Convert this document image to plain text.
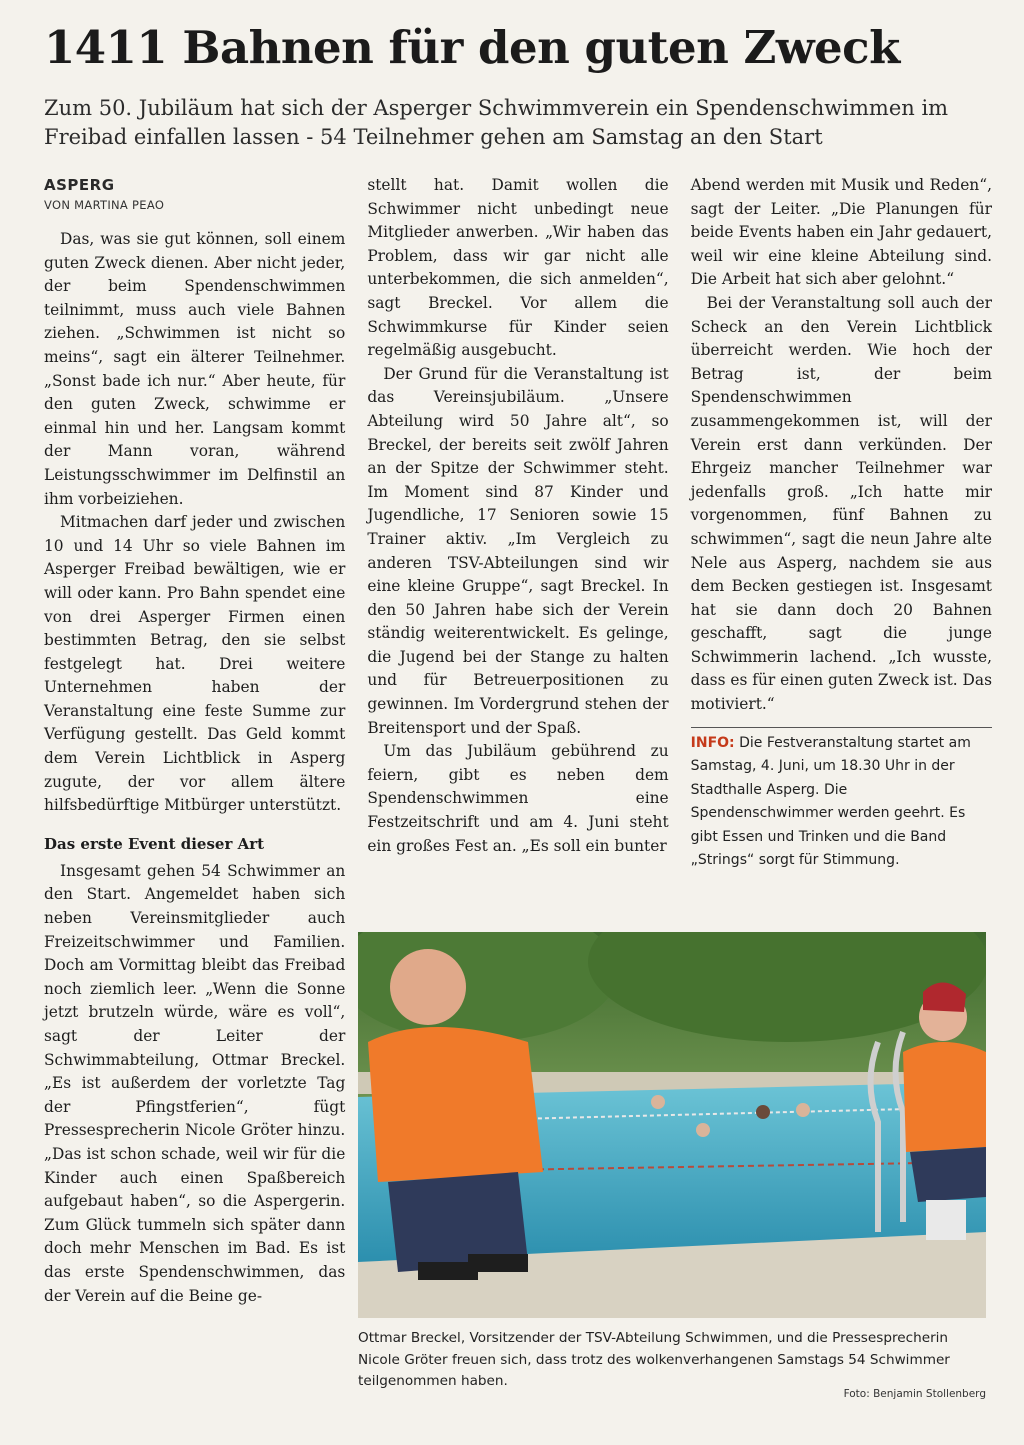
1411 Bahnen für den guten Zweck
Zum 50. Jubiläum hat sich der Asperger Schwimmverein ein Spendenschwimmen im Freibad einfallen lassen - 54 Teilnehmer gehen am Samstag an den Start
ASPERG
VON MARTINA PEAO

Das, was sie gut können, soll einem guten Zweck dienen. Aber nicht jeder, der beim Spendenschwimmen teilnimmt, muss auch viele Bahnen ziehen. „Schwimmen ist nicht so meins“, sagt ein älterer Teilnehmer. „Sonst bade ich nur.“ Aber heute, für den guten Zweck, schwimme er einmal hin und her. Langsam kommt der Mann voran, während Leistungsschwimmer im Delfinstil an ihm vorbeiziehen.

Mitmachen darf jeder und zwischen 10 und 14 Uhr so viele Bahnen im Asperger Freibad bewältigen, wie er will oder kann. Pro Bahn spendet eine von drei Asperger Firmen einen bestimmten Betrag, den sie selbst festgelegt hat. Drei weitere Unternehmen haben der Veranstaltung eine feste Summe zur Verfügung gestellt. Das Geld kommt dem Verein Lichtblick in Asperg zugute, der vor allem ältere hilfsbedürftige Mitbürger unterstützt.

Das erste Event dieser Art

Insgesamt gehen 54 Schwimmer an den Start. Angemeldet haben sich neben Vereinsmitglieder auch Freizeitschwimmer und Familien. Doch am Vormittag bleibt das Freibad noch ziemlich leer. „Wenn die Sonne jetzt brutzeln würde, wäre es voll“, sagt der Leiter der Schwimmabteilung, Ottmar Breckel. „Es ist außerdem der vorletzte Tag der Pfingstferien“, fügt Pressesprecherin Nicole Gröter hinzu. „Das ist schon schade, weil wir für die Kinder auch einen Spaßbereich aufgebaut haben“, so die Aspergerin. Zum Glück tummeln sich später dann doch mehr Menschen im Bad. Es ist das erste Spendenschwimmen, das der Verein auf die Beine ge-

stellt hat. Damit wollen die Schwimmer nicht unbedingt neue Mitglieder anwerben. „Wir haben das Problem, dass wir gar nicht alle unterbekommen, die sich anmelden“, sagt Breckel. Vor allem die Schwimmkurse für Kinder seien regelmäßig ausgebucht.

Der Grund für die Veranstaltung ist das Vereinsjubiläum. „Unsere Abteilung wird 50 Jahre alt“, so Breckel, der bereits seit zwölf Jahren an der Spitze der Schwimmer steht. Im Moment sind 87 Kinder und Jugendliche, 17 Senioren sowie 15 Trainer aktiv. „Im Vergleich zu anderen TSV-Abteilungen sind wir eine kleine Gruppe“, sagt Breckel. In den 50 Jahren habe sich der Verein ständig weiterentwickelt. Es gelinge, die Jugend bei der Stange zu halten und für Betreuerpositionen zu gewinnen. Im Vordergrund stehen der Breitensport und der Spaß.

Um das Jubiläum gebührend zu feiern, gibt es neben dem Spendenschwimmen eine Festzeitschrift und am 4. Juni steht ein großes Fest an. „Es soll ein bunter

Abend werden mit Musik und Reden“, sagt der Leiter. „Die Planungen für beide Events haben ein Jahr gedauert, weil wir eine kleine Abteilung sind. Die Arbeit hat sich aber gelohnt.“

Bei der Veranstaltung soll auch der Scheck an den Verein Lichtblick überreicht werden. Wie hoch der Betrag ist, der beim Spendenschwimmen zusammengekommen ist, will der Verein erst dann verkünden. Der Ehrgeiz mancher Teilnehmer war jedenfalls groß. „Ich hatte mir vorgenommen, fünf Bahnen zu schwimmen“, sagt die neun Jahre alte Nele aus Asperg, nachdem sie aus dem Becken gestiegen ist. Insgesamt hat sie dann doch 20 Bahnen geschafft, sagt die junge Schwimmerin lachend. „Ich wusste, dass es für einen guten Zweck ist. Das motiviert.“

INFO: Die Festveranstaltung startet am Samstag, 4. Juni, um 18.30 Uhr in der Stadthalle Asperg. Die Spendenschwimmer werden geehrt. Es gibt Essen und Trinken und die Band „Strings“ sorgt für Stimmung.
Ottmar Breckel, Vorsitzender der TSV-Abteilung Schwimmen, und die Pressesprecherin Nicole Gröter freuen sich, dass trotz des wolkenverhangenen Samstags 54 Schwimmer teilgenommen haben.
Foto: Benjamin Stollenberg
